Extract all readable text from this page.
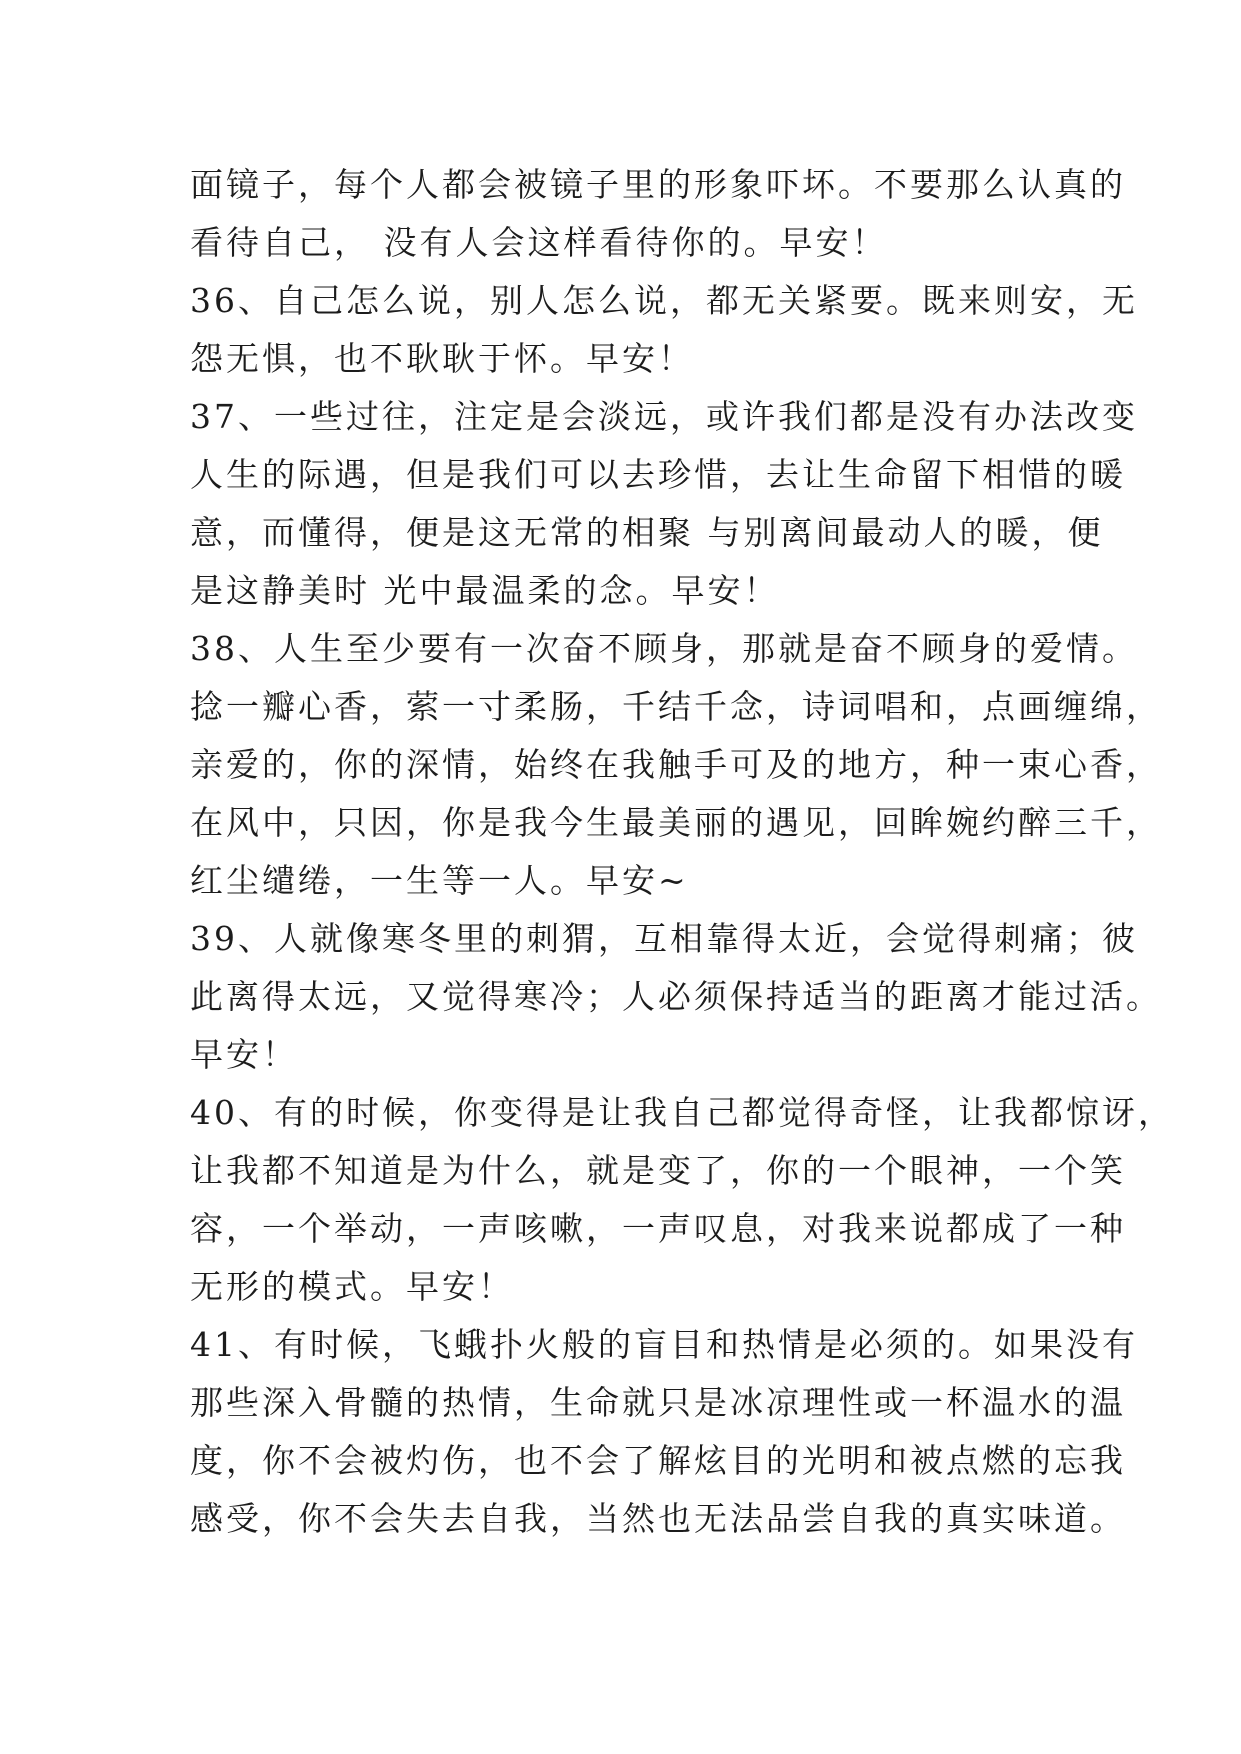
面镜子，每个人都会被镜子里的形象吓坏。不要那么认真的
看待自己， 没有人会这样看待你的。早安！
36、自己怎么说，别人怎么说，都无关紧要。既来则安，无
怨无惧，也不耿耿于怀。早安！
37、一些过往，注定是会淡远，或许我们都是没有办法改变
人生的际遇，但是我们可以去珍惜，去让生命留下相惜的暖
意，而懂得，便是这无常的相聚 与别离间最动人的暖，便
是这静美时 光中最温柔的念。早安！
38、人生至少要有一次奋不顾身，那就是奋不顾身的爱情。
捻一瓣心香，萦一寸柔肠，千结千念，诗词唱和，点画缠绵，
亲爱的，你的深情，始终在我触手可及的地方，种一束心香，
在风中，只因，你是我今生最美丽的遇见，回眸婉约醉三千，
红尘缱绻，一生等一人。早安~
39、人就像寒冬里的刺猬，互相靠得太近，会觉得刺痛；彼
此离得太远，又觉得寒冷；人必须保持适当的距离才能过活。
早安！
40、有的时候，你变得是让我自己都觉得奇怪，让我都惊讶，
让我都不知道是为什么，就是变了，你的一个眼神，一个笑
容，一个举动，一声咳嗽，一声叹息，对我来说都成了一种
无形的模式。早安！
41、有时候，飞蛾扑火般的盲目和热情是必须的。如果没有
那些深入骨髓的热情，生命就只是冰凉理性或一杯温水的温
度，你不会被灼伤，也不会了解炫目的光明和被点燃的忘我
感受，你不会失去自我，当然也无法品尝自我的真实味道。
